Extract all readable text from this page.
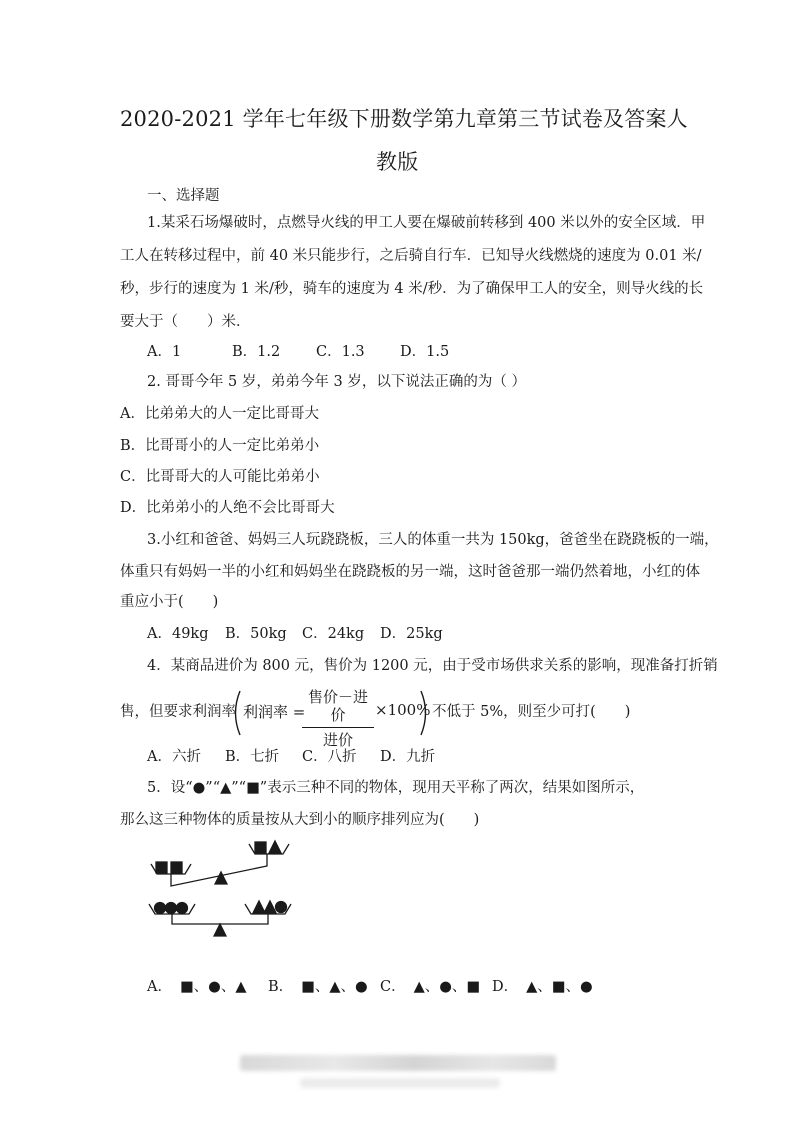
2020-2021 学年七年级下册数学第九章第三节试卷及答案人
教版
一、选择题
1.某采石场爆破时，点燃导火线的甲工人要在爆破前转移到 400 米以外的安全区域．甲
工人在转移过程中，前 40 米只能步行，之后骑自行车．已知导火线燃烧的速度为 0.01 米/
秒，步行的速度为 1 米/秒，骑车的速度为 4 米/秒．为了确保甲工人的安全，则导火线的长
要大于（　　）米．
A．1	B．1.2 C．1.3 D．1.5
2. 哥哥今年 5 岁，弟弟今年 3 岁，以下说法正确的为（ ）
A．比弟弟大的人一定比哥哥大
B．比哥哥小的人一定比弟弟小
C．比哥哥大的人可能比弟弟小
D．比弟弟小的人绝不会比哥哥大
3.小红和爸爸、妈妈三人玩跷跷板，三人的体重一共为 150kg，爸爸坐在跷跷板的一端，
体重只有妈妈一半的小红和妈妈坐在跷跷板的另一端，这时爸爸那一端仍然着地，小红的体
重应小于(　　)
A．49kg B．50kg C．24kg D．25kg
4．某商品进价为 800 元，售价为 1200 元，由于受市场供求关系的影响，现准备打折销
售，但要求利润率 利润率 =
售价－进价
进价
×100% 不低于 5%，则至少可打(　　)
A．六折 B．七折 C．八折 D．九折
5．设“●”“▲”“■”表示三种不同的物体，现用天平称了两次，结果如图所示，
那么这三种物体的质量按从大到小的顺序排列应为(　　)
A． ■、●、▲ B． ■、▲、● C． ▲、●、■ D． ▲、■、●
